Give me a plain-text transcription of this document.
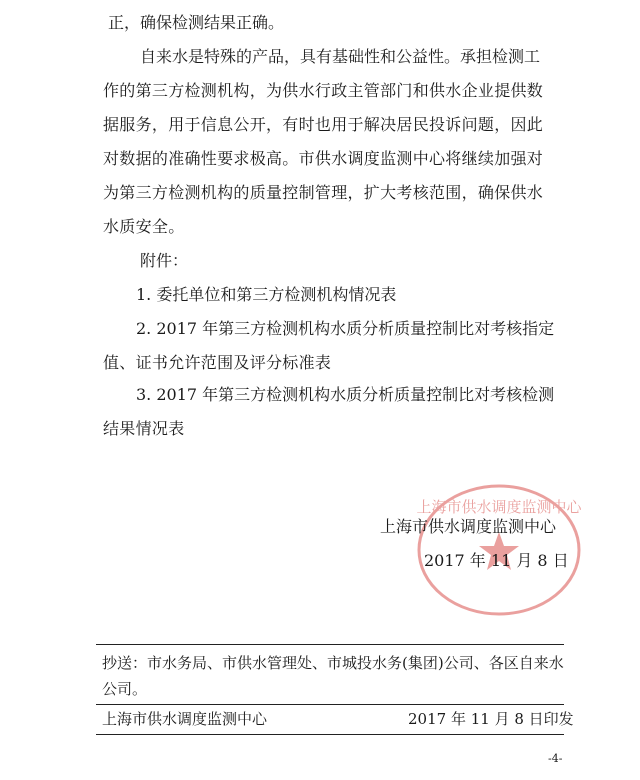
正，确保检测结果正确。
自来水是特殊的产品，具有基础性和公益性。承担检测工
作的第三方检测机构，为供水行政主管部门和供水企业提供数
据服务，用于信息公开，有时也用于解决居民投诉问题，因此
对数据的准确性要求极高。市供水调度监测中心将继续加强对
为第三方检测机构的质量控制管理，扩大考核范围，确保供水
水质安全。
附件：
1. 委托单位和第三方检测机构情况表
2. 2017 年第三方检测机构水质分析质量控制比对考核指定
值、证书允许范围及评分标准表
3. 2017 年第三方检测机构水质分析质量控制比对考核检测
结果情况表
上海市供水调度监测中心
上海市供水调度监测中心
2017 年 11 月 8 日
抄送：市水务局、市供水管理处、市城投水务(集团)公司、各区自来水
公司。
上海市供水调度监测中心	2017 年 11 月 8 日印发
-4-
